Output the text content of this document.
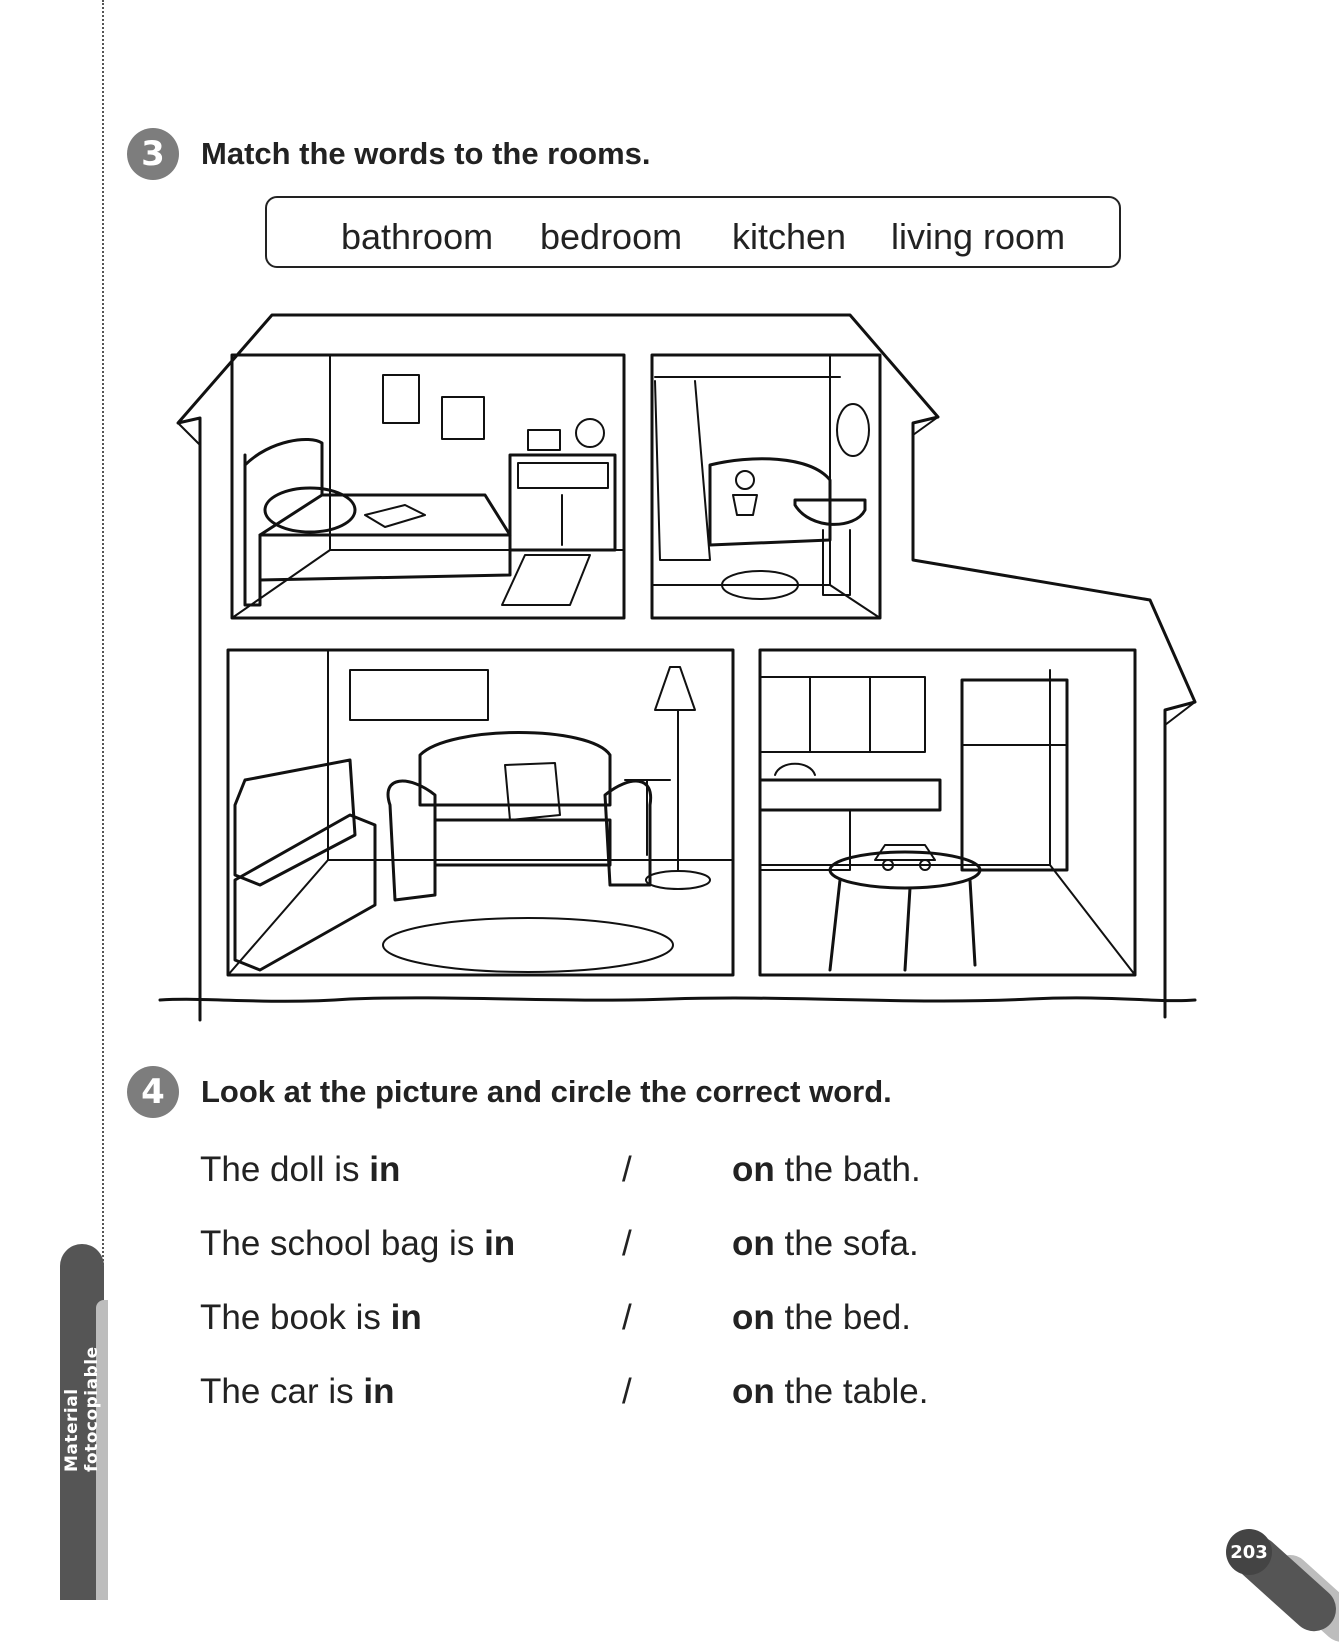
Material fotocopiable
3	Match the words to the rooms.
bathroom bedroom kitchen living room
4	Look at the picture and circle the correct word.
The doll is in	/	on the bath.
The school bag is in	/	on the sofa.
The book is in	/	on the bed.
The car is in	/	on the table.
203
